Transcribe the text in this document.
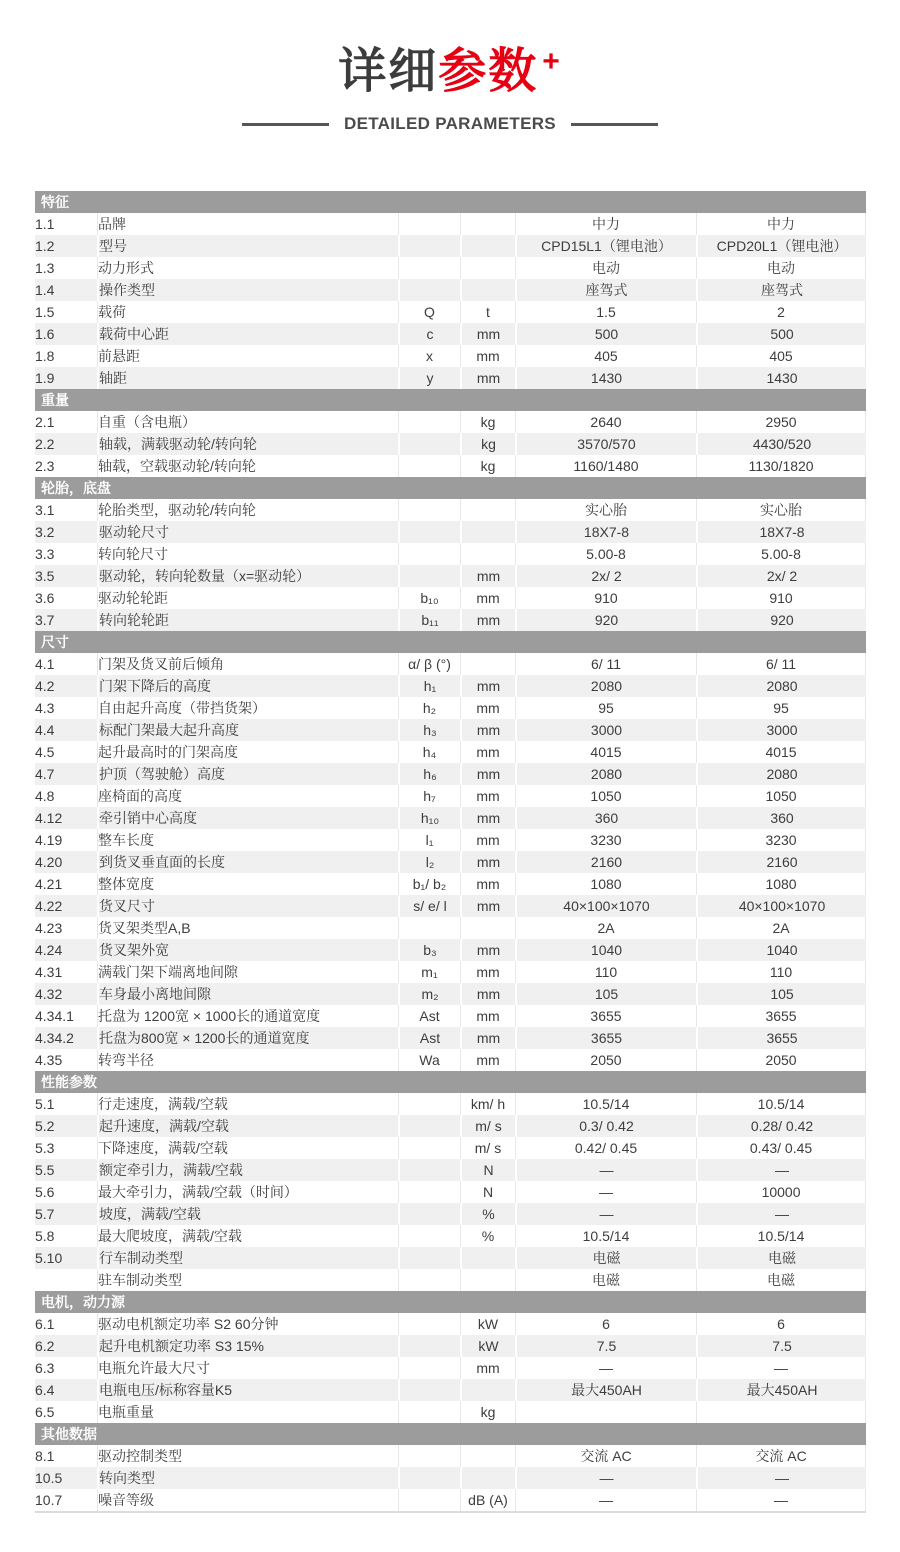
详细参数 +
DETAILED PARAMETERS
特征					
1.1	品牌			中力	中力
1.2	型号			CPD15L1（锂电池）	CPD20L1（锂电池）
1.3	动力形式			电动	电动
1.4	操作类型			座驾式	座驾式
1.5	载荷	Q	t	1.5	2
1.6	载荷中心距	c	mm	500	500
1.8	前悬距	x	mm	405	405
1.9	轴距	y	mm	1430	1430
重量					
2.1	自重（含电瓶）		kg	2640	2950
2.2	轴载，满载驱动轮/转向轮		kg	3570/570	4430/520
2.3	轴载，空载驱动轮/转向轮		kg	1160/1480	1130/1820
轮胎，底盘					
3.1	轮胎类型，驱动轮/转向轮			实心胎	实心胎
3.2	驱动轮尺寸			18X7-8	18X7-8
3.3	转向轮尺寸			5.00-8	5.00-8
3.5	驱动轮，转向轮数量（x=驱动轮）		mm	2x/ 2	2x/ 2
3.6	驱动轮轮距	b₁₀	mm	910	910
3.7	转向轮轮距	b₁₁	mm	920	920
尺寸					
4.1	门架及货叉前后倾角	α/ β (°)		6/ 11	6/ 11
4.2	门架下降后的高度	h₁	mm	2080	2080
4.3	自由起升高度（带挡货架）	h₂	mm	95	95
4.4	标配门架最大起升高度	h₃	mm	3000	3000
4.5	起升最高时的门架高度	h₄	mm	4015	4015
4.7	护顶（驾驶舱）高度	h₆	mm	2080	2080
4.8	座椅面的高度	h₇	mm	1050	1050
4.12	牵引销中心高度	h₁₀	mm	360	360
4.19	整车长度	l₁	mm	3230	3230
4.20	到货叉垂直面的长度	l₂	mm	2160	2160
4.21	整体宽度	b₁/ b₂	mm	1080	1080
4.22	货叉尺寸	s/ e/ l	mm	40×100×1070	40×100×1070
4.23	货叉架类型A,B			2A	2A
4.24	货叉架外宽	b₃	mm	1040	1040
4.31	满载门架下端离地间隙	m₁	mm	110	110
4.32	车身最小离地间隙	m₂	mm	105	105
4.34.1	托盘为 1200宽 × 1000长的通道宽度	Ast	mm	3655	3655
4.34.2	托盘为800宽 × 1200长的通道宽度	Ast	mm	3655	3655
4.35	转弯半径	Wa	mm	2050	2050
性能参数					
5.1	行走速度，满载/空载		km/ h	10.5/14	10.5/14
5.2	起升速度，满载/空载		m/ s	0.3/ 0.42	0.28/ 0.42
5.3	下降速度，满载/空载		m/ s	0.42/ 0.45	0.43/ 0.45
5.5	额定牵引力，满载/空载		N	—	—
5.6	最大牵引力，满载/空载（时间）		N	—	10000
5.7	坡度，满载/空载		%	—	—
5.8	最大爬坡度，满载/空载		%	10.5/14	10.5/14
5.10	行车制动类型			电磁	电磁
	驻车制动类型			电磁	电磁
电机，动力源					
6.1	驱动电机额定功率 S2 60分钟		kW	6	6
6.2	起升电机额定功率 S3 15%		kW	7.5	7.5
6.3	电瓶允许最大尺寸		mm	—	—
6.4	电瓶电压/标称容量K5			最大450AH	最大450AH
6.5	电瓶重量		kg		
其他数据					
8.1	驱动控制类型			交流 AC	交流 AC
10.5	转向类型			—	—
10.7	噪音等级		dB (A)	—	—
